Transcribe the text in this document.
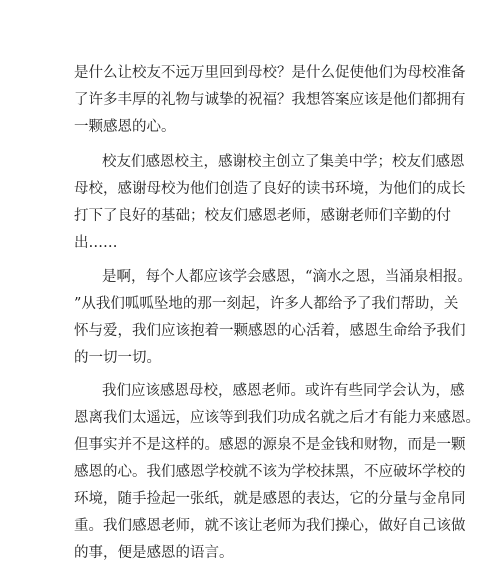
是什么让校友不远万里回到母校？是什么促使他们为母校准备
了许多丰厚的礼物与诚挚的祝福？我想答案应该是他们都拥有
一颗感恩的心。
校友们感恩校主，感谢校主创立了集美中学；校友们感恩
母校，感谢母校为他们创造了良好的读书环境，为他们的成长
打下了良好的基础；校友们感恩老师，感谢老师们辛勤的付
出……
是啊，每个人都应该学会感恩，“滴水之恩，当涌泉相报。
”从我们呱呱坠地的那一刻起，许多人都给予了我们帮助，关
怀与爱，我们应该抱着一颗感恩的心活着，感恩生命给予我们
的一切一切。
我们应该感恩母校，感恩老师。或许有些同学会认为，感
恩离我们太遥远，应该等到我们功成名就之后才有能力来感恩。
但事实并不是这样的。感恩的源泉不是金钱和财物，而是一颗
感恩的心。我们感恩学校就不该为学校抹黑，不应破坏学校的
环境，随手捡起一张纸，就是感恩的表达，它的分量与金帛同
重。我们感恩老师，就不该让老师为我们操心，做好自己该做
的事，便是感恩的语言。
